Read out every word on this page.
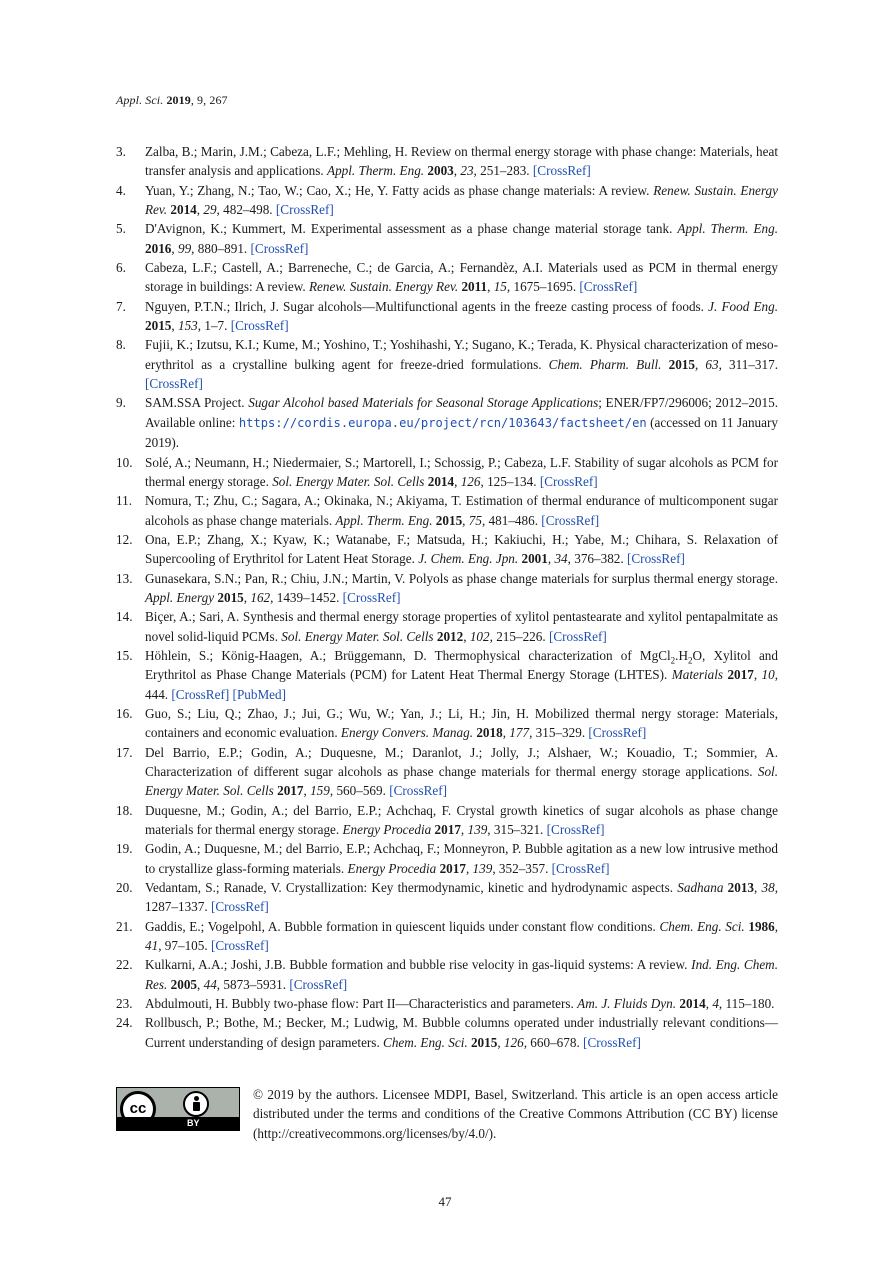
Appl. Sci. 2019, 9, 267
3. Zalba, B.; Marin, J.M.; Cabeza, L.F.; Mehling, H. Review on thermal energy storage with phase change: Materials, heat transfer analysis and applications. Appl. Therm. Eng. 2003, 23, 251–283. [CrossRef]
4. Yuan, Y.; Zhang, N.; Tao, W.; Cao, X.; He, Y. Fatty acids as phase change materials: A review. Renew. Sustain. Energy Rev. 2014, 29, 482–498. [CrossRef]
5. D'Avignon, K.; Kummert, M. Experimental assessment as a phase change material storage tank. Appl. Therm. Eng. 2016, 99, 880–891. [CrossRef]
6. Cabeza, L.F.; Castell, A.; Barreneche, C.; de Garcia, A.; Fernandèz, A.I. Materials used as PCM in thermal energy storage in buildings: A review. Renew. Sustain. Energy Rev. 2011, 15, 1675–1695. [CrossRef]
7. Nguyen, P.T.N.; Ilrich, J. Sugar alcohols—Multifunctional agents in the freeze casting process of foods. J. Food Eng. 2015, 153, 1–7. [CrossRef]
8. Fujii, K.; Izutsu, K.I.; Kume, M.; Yoshino, T.; Yoshihashi, Y.; Sugano, K.; Terada, K. Physical characterization of meso-erythritol as a crystalline bulking agent for freeze-dried formulations. Chem. Pharm. Bull. 2015, 63, 311–317. [CrossRef]
9. SAM.SSA Project. Sugar Alcohol based Materials for Seasonal Storage Applications; ENER/FP7/296006; 2012–2015. Available online: https://cordis.europa.eu/project/rcn/103643/factsheet/en (accessed on 11 January 2019).
10. Solé, A.; Neumann, H.; Niedermaier, S.; Martorell, I.; Schossig, P.; Cabeza, L.F. Stability of sugar alcohols as PCM for thermal energy storage. Sol. Energy Mater. Sol. Cells 2014, 126, 125–134. [CrossRef]
11. Nomura, T.; Zhu, C.; Sagara, A.; Okinaka, N.; Akiyama, T. Estimation of thermal endurance of multicomponent sugar alcohols as phase change materials. Appl. Therm. Eng. 2015, 75, 481–486. [CrossRef]
12. Ona, E.P.; Zhang, X.; Kyaw, K.; Watanabe, F.; Matsuda, H.; Kakiuchi, H.; Yabe, M.; Chihara, S. Relaxation of Supercooling of Erythritol for Latent Heat Storage. J. Chem. Eng. Jpn. 2001, 34, 376–382. [CrossRef]
13. Gunasekara, S.N.; Pan, R.; Chiu, J.N.; Martin, V. Polyols as phase change materials for surplus thermal energy storage. Appl. Energy 2015, 162, 1439–1452. [CrossRef]
14. Biçer, A.; Sari, A. Synthesis and thermal energy storage properties of xylitol pentastearate and xylitol pentapalmitate as novel solid-liquid PCMs. Sol. Energy Mater. Sol. Cells 2012, 102, 215–226. [CrossRef]
15. Höhlein, S.; König-Haagen, A.; Brüggemann, D. Thermophysical characterization of $MgCl_2.H_2O$, Xylitol and Erythritol as Phase Change Materials (PCM) for Latent Heat Thermal Energy Storage (LHTES). Materials 2017, 10, 444. [CrossRef] [PubMed]
16. Guo, S.; Liu, Q.; Zhao, J.; Jui, G.; Wu, W.; Yan, J.; Li, H.; Jin, H. Mobilized thermal nergy storage: Materials, containers and economic evaluation. Energy Convers. Manag. 2018, 177, 315–329. [CrossRef]
17. Del Barrio, E.P.; Godin, A.; Duquesne, M.; Daranlot, J.; Jolly, J.; Alshaer, W.; Kouadio, T.; Sommier, A. Characterization of different sugar alcohols as phase change materials for thermal energy storage applications. Sol. Energy Mater. Sol. Cells 2017, 159, 560–569. [CrossRef]
18. Duquesne, M.; Godin, A.; del Barrio, E.P.; Achchaq, F. Crystal growth kinetics of sugar alcohols as phase change materials for thermal energy storage. Energy Procedia 2017, 139, 315–321. [CrossRef]
19. Godin, A.; Duquesne, M.; del Barrio, E.P.; Achchaq, F.; Monneyron, P. Bubble agitation as a new low intrusive method to crystallize glass-forming materials. Energy Procedia 2017, 139, 352–357. [CrossRef]
20. Vedantam, S.; Ranade, V. Crystallization: Key thermodynamic, kinetic and hydrodynamic aspects. Sadhana 2013, 38, 1287–1337. [CrossRef]
21. Gaddis, E.; Vogelpohl, A. Bubble formation in quiescent liquids under constant flow conditions. Chem. Eng. Sci. 1986, 41, 97–105. [CrossRef]
22. Kulkarni, A.A.; Joshi, J.B. Bubble formation and bubble rise velocity in gas-liquid systems: A review. Ind. Eng. Chem. Res. 2005, 44, 5873–5931. [CrossRef]
23. Abdulmouti, H. Bubbly two-phase flow: Part II—Characteristics and parameters. Am. J. Fluids Dyn. 2014, 4, 115–180.
24. Rollbusch, P.; Bothe, M.; Becker, M.; Ludwig, M. Bubble columns operated under industrially relevant conditions—Current understanding of design parameters. Chem. Eng. Sci. 2015, 126, 660–678. [CrossRef]
cc
BY
© 2019 by the authors. Licensee MDPI, Basel, Switzerland. This article is an open access article distributed under the terms and conditions of the Creative Commons Attribution (CC BY) license (http://creativecommons.org/licenses/by/4.0/).
47
